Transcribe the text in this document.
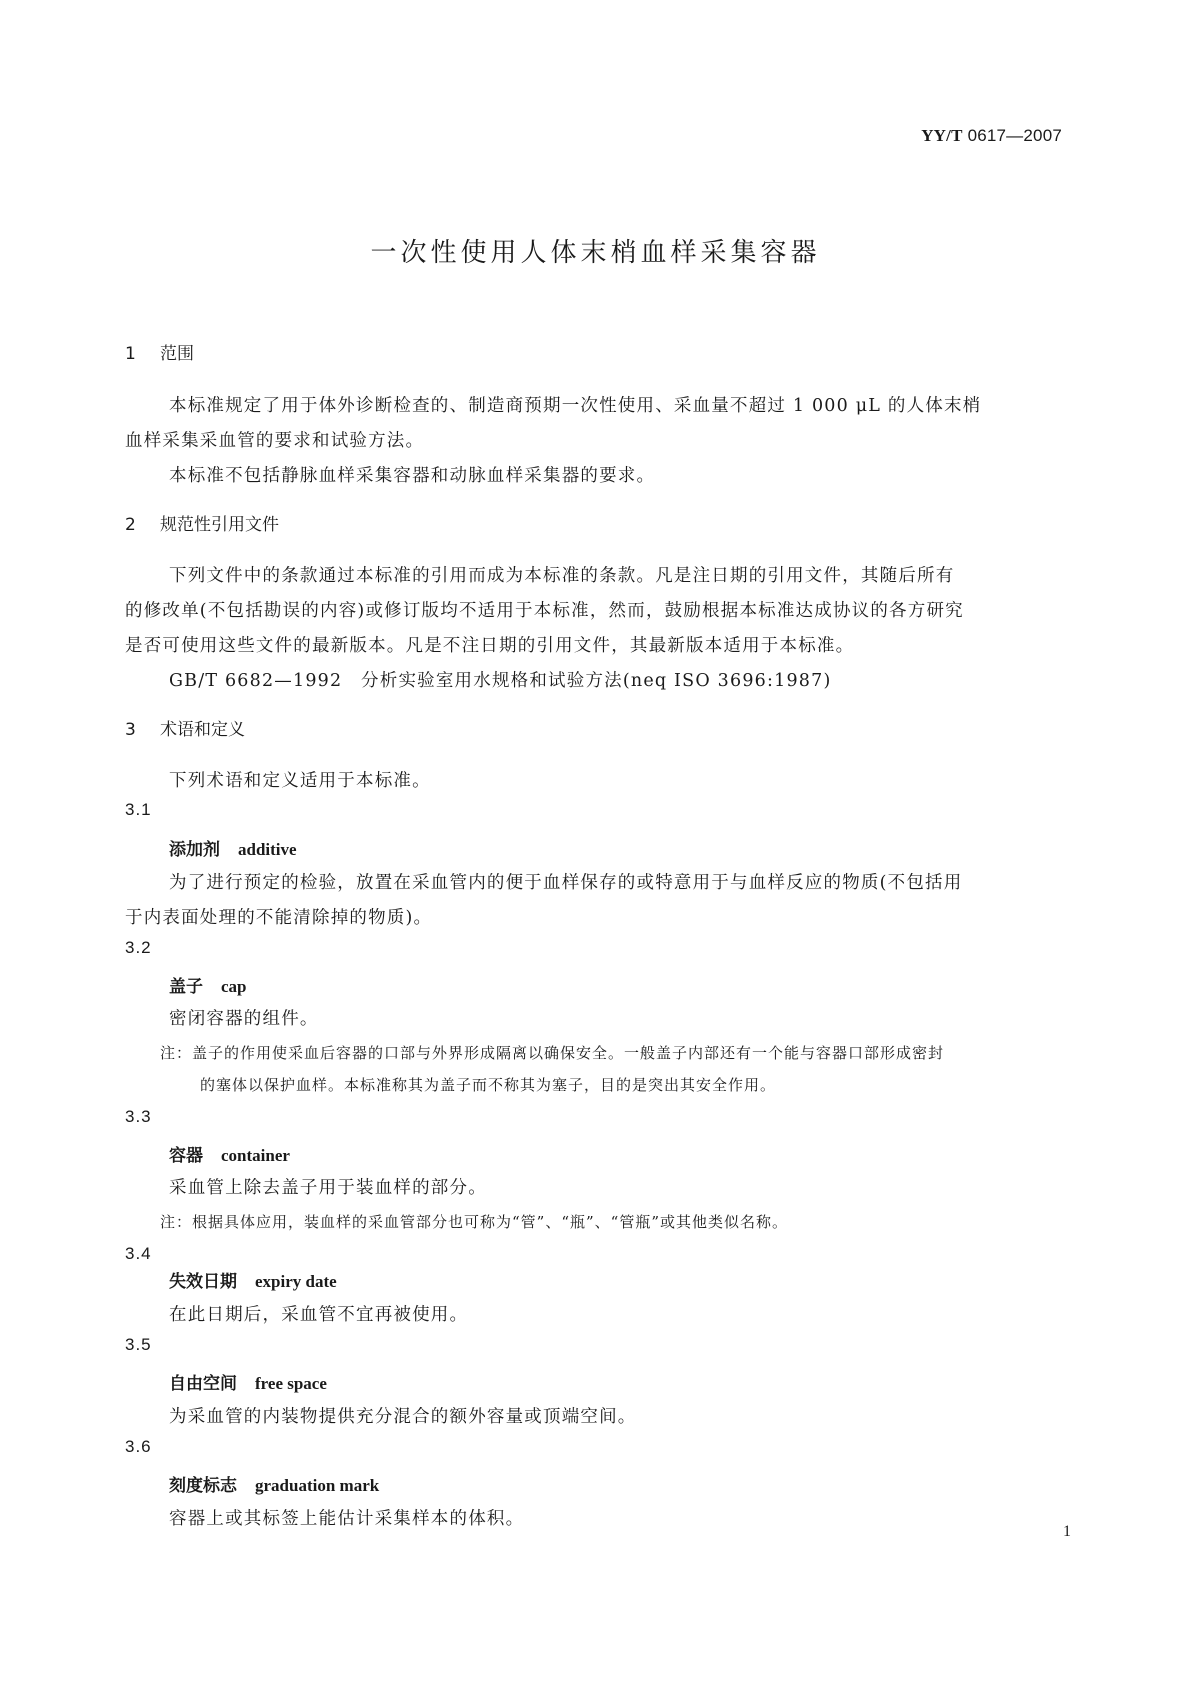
YY/T 0617—2007
一次性使用人体末梢血样采集容器
1 范围
本标准规定了用于体外诊断检查的、制造商预期一次性使用、采血量不超过 1 000 μL 的人体末梢
血样采集采血管的要求和试验方法。
本标准不包括静脉血样采集容器和动脉血样采集器的要求。
2 规范性引用文件
下列文件中的条款通过本标准的引用而成为本标准的条款。凡是注日期的引用文件，其随后所有
的修改单(不包括勘误的内容)或修订版均不适用于本标准，然而，鼓励根据本标准达成协议的各方研究
是否可使用这些文件的最新版本。凡是不注日期的引用文件，其最新版本适用于本标准。
GB/T 6682—1992　分析实验室用水规格和试验方法(neq ISO 3696:1987)
3 术语和定义
下列术语和定义适用于本标准。
3.1
添加剂 additive
为了进行预定的检验，放置在采血管内的便于血样保存的或特意用于与血样反应的物质(不包括用
于内表面处理的不能清除掉的物质)。
3.2
盖子 cap
密闭容器的组件。
注：盖子的作用使采血后容器的口部与外界形成隔离以确保安全。一般盖子内部还有一个能与容器口部形成密封
的塞体以保护血样。本标准称其为盖子而不称其为塞子，目的是突出其安全作用。
3.3
容器 container
采血管上除去盖子用于装血样的部分。
注：根据具体应用，装血样的采血管部分也可称为“管”、“瓶”、“管瓶”或其他类似名称。
3.4
失效日期 expiry date
在此日期后，采血管不宜再被使用。
3.5
自由空间 free space
为采血管的内装物提供充分混合的额外容量或顶端空间。
3.6
刻度标志 graduation mark
容器上或其标签上能估计采集样本的体积。
1
